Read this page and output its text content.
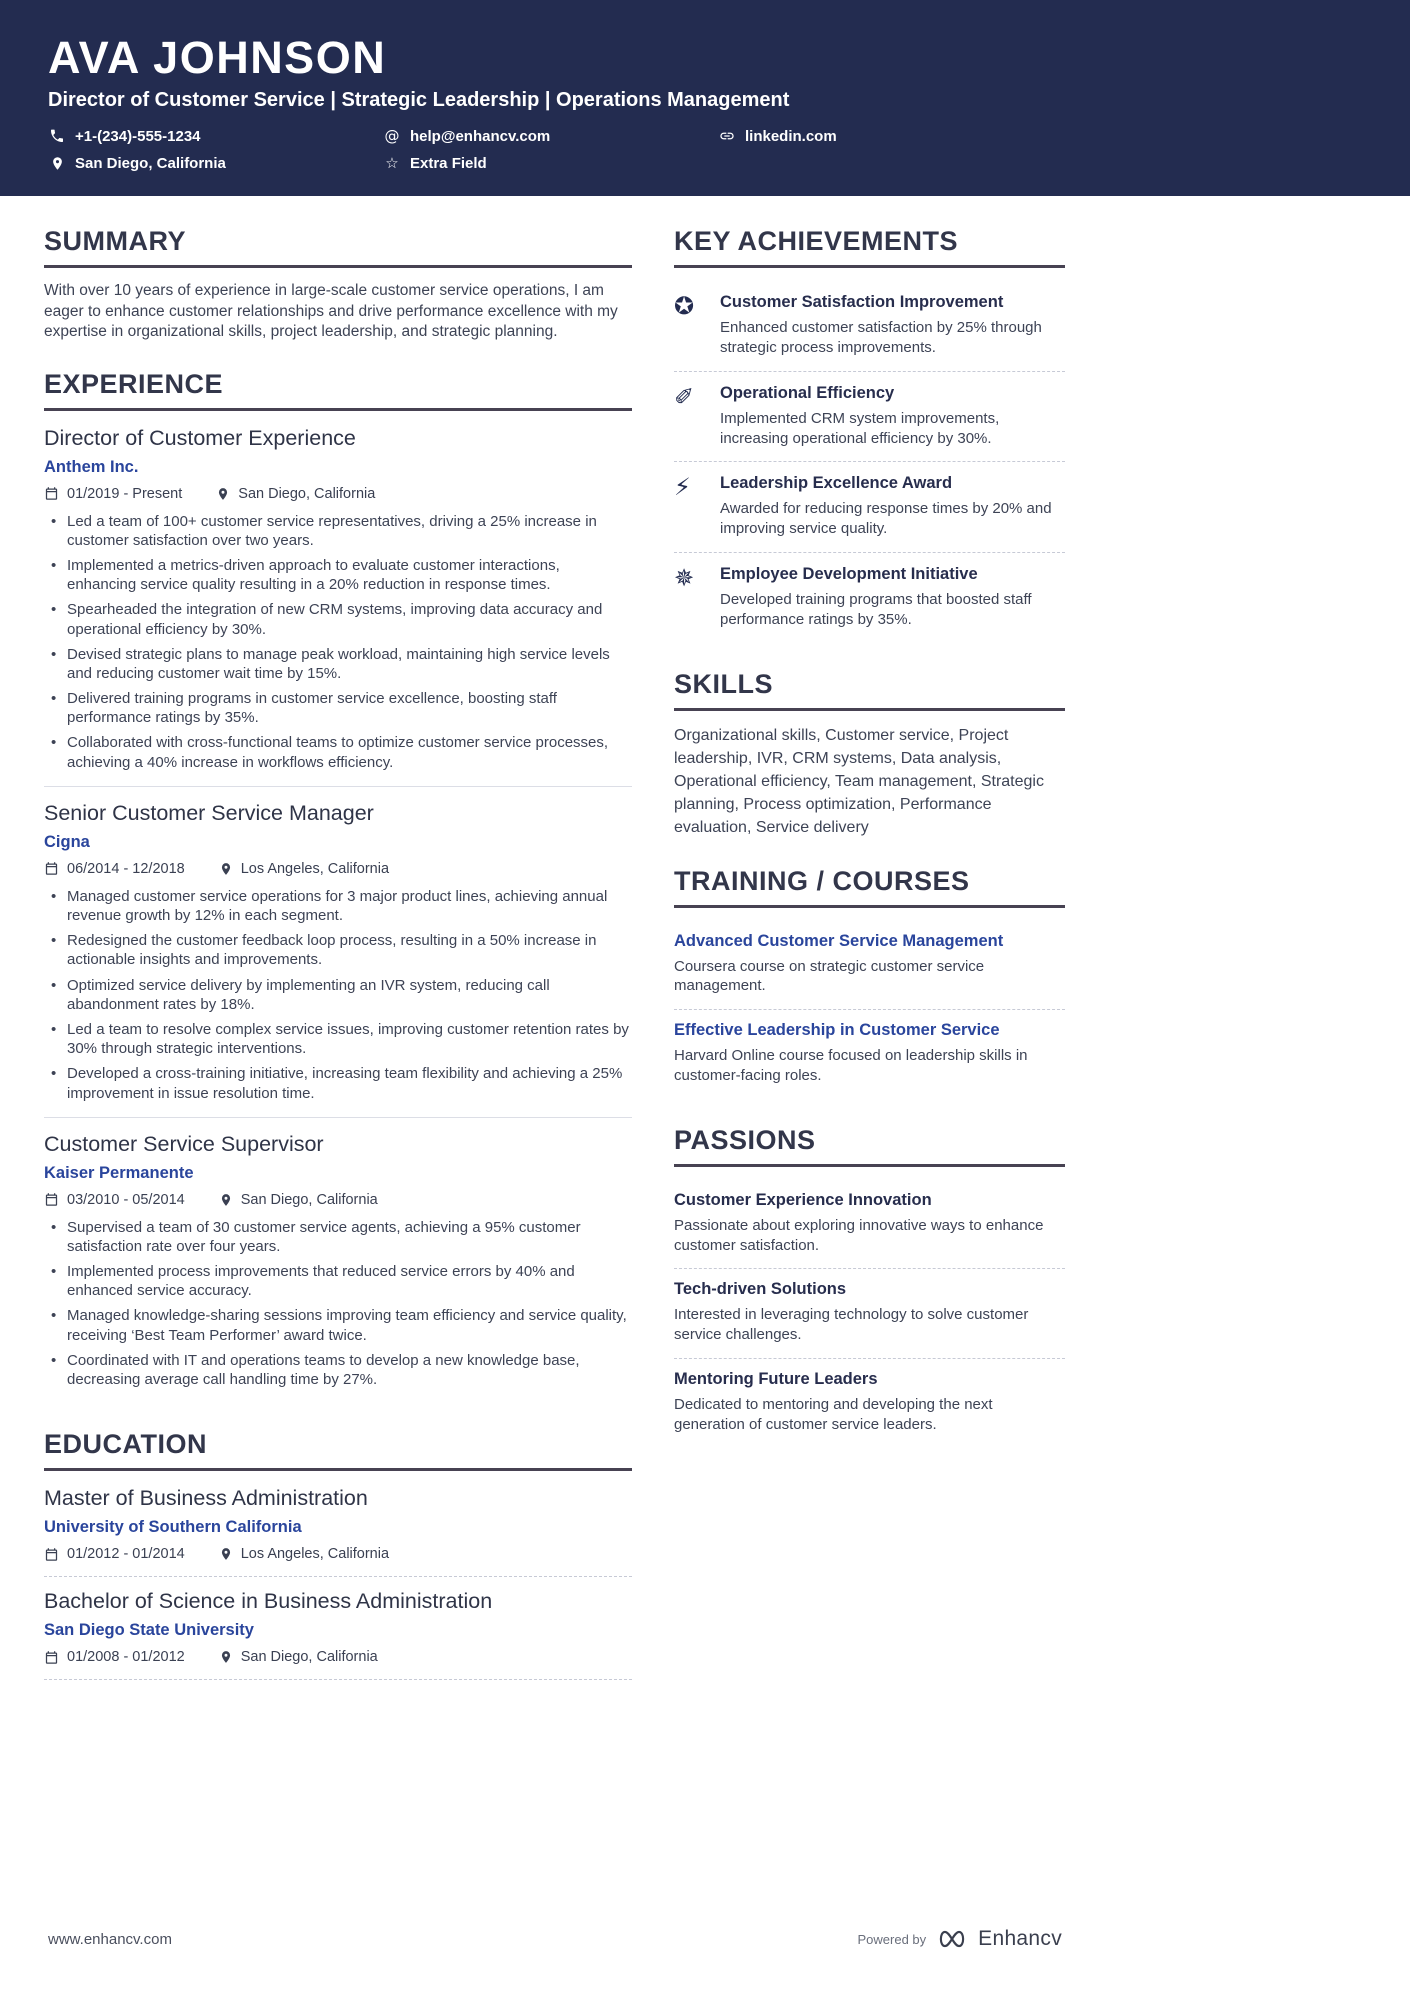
AVA JOHNSON
Director of Customer Service | Strategic Leadership | Operations Management
+1-(234)-555-1234	@ help@enhancv.com	linkedin.com
San Diego, California	☆ Extra Field
SUMMARY

With over 10 years of experience in large-scale customer service operations, I am eager to enhance customer relationships and drive performance excellence with my expertise in organizational skills, project leadership, and strategic planning.

EXPERIENCE
Director of Customer Experience
Anthem Inc.
01/2019 - Present	San Diego, California
• Led a team of 100+ customer service representatives, driving a 25% increase in customer satisfaction over two years.
• Implemented a metrics-driven approach to evaluate customer interactions, enhancing service quality resulting in a 20% reduction in response times.
• Spearheaded the integration of new CRM systems, improving data accuracy and operational efficiency by 30%.
• Devised strategic plans to manage peak workload, maintaining high service levels and reducing customer wait time by 15%.
• Delivered training programs in customer service excellence, boosting staff performance ratings by 35%.
• Collaborated with cross-functional teams to optimize customer service processes, achieving a 40% increase in workflows efficiency.
Senior Customer Service Manager
Cigna
06/2014 - 12/2018	Los Angeles, California
• Managed customer service operations for 3 major product lines, achieving annual revenue growth by 12% in each segment.
• Redesigned the customer feedback loop process, resulting in a 50% increase in actionable insights and improvements.
• Optimized service delivery by implementing an IVR system, reducing call abandonment rates by 18%.
• Led a team to resolve complex service issues, improving customer retention rates by 30% through strategic interventions.
• Developed a cross-training initiative, increasing team flexibility and achieving a 25% improvement in issue resolution time.
Customer Service Supervisor
Kaiser Permanente
03/2010 - 05/2014	San Diego, California
• Supervised a team of 30 customer service agents, achieving a 95% customer satisfaction rate over four years.
• Implemented process improvements that reduced service errors by 40% and enhanced service accuracy.
• Managed knowledge-sharing sessions improving team efficiency and service quality, receiving ‘Best Team Performer’ award twice.
• Coordinated with IT and operations teams to develop a new knowledge base, decreasing average call handling time by 27%.
EDUCATION
Master of Business Administration
University of Southern California
01/2012 - 01/2014	Los Angeles, California
Bachelor of Science in Business Administration
San Diego State University
01/2008 - 01/2012	San Diego, California
KEY ACHIEVEMENTS
✪
Customer Satisfaction Improvement
Enhanced customer satisfaction by 25% through strategic process improvements.
✐
Operational Efficiency
Implemented CRM system improvements, increasing operational efficiency by 30%.
⚡
Leadership Excellence Award
Awarded for reducing response times by 20% and improving service quality.
✵
Employee Development Initiative
Developed training programs that boosted staff performance ratings by 35%.
SKILLS

Organizational skills, Customer service, Project leadership, IVR, CRM systems, Data analysis, Operational efficiency, Team management, Strategic planning, Process optimization, Performance evaluation, Service delivery

TRAINING / COURSES
Advanced Customer Service Management
Coursera course on strategic customer service management.
Effective Leadership in Customer Service
Harvard Online course focused on leadership skills in customer-facing roles.
PASSIONS
Customer Experience Innovation
Passionate about exploring innovative ways to enhance customer satisfaction.
Tech-driven Solutions
Interested in leveraging technology to solve customer service challenges.
Mentoring Future Leaders
Dedicated to mentoring and developing the next generation of customer service leaders.
www.enhancv.com	Powered by Enhancv
